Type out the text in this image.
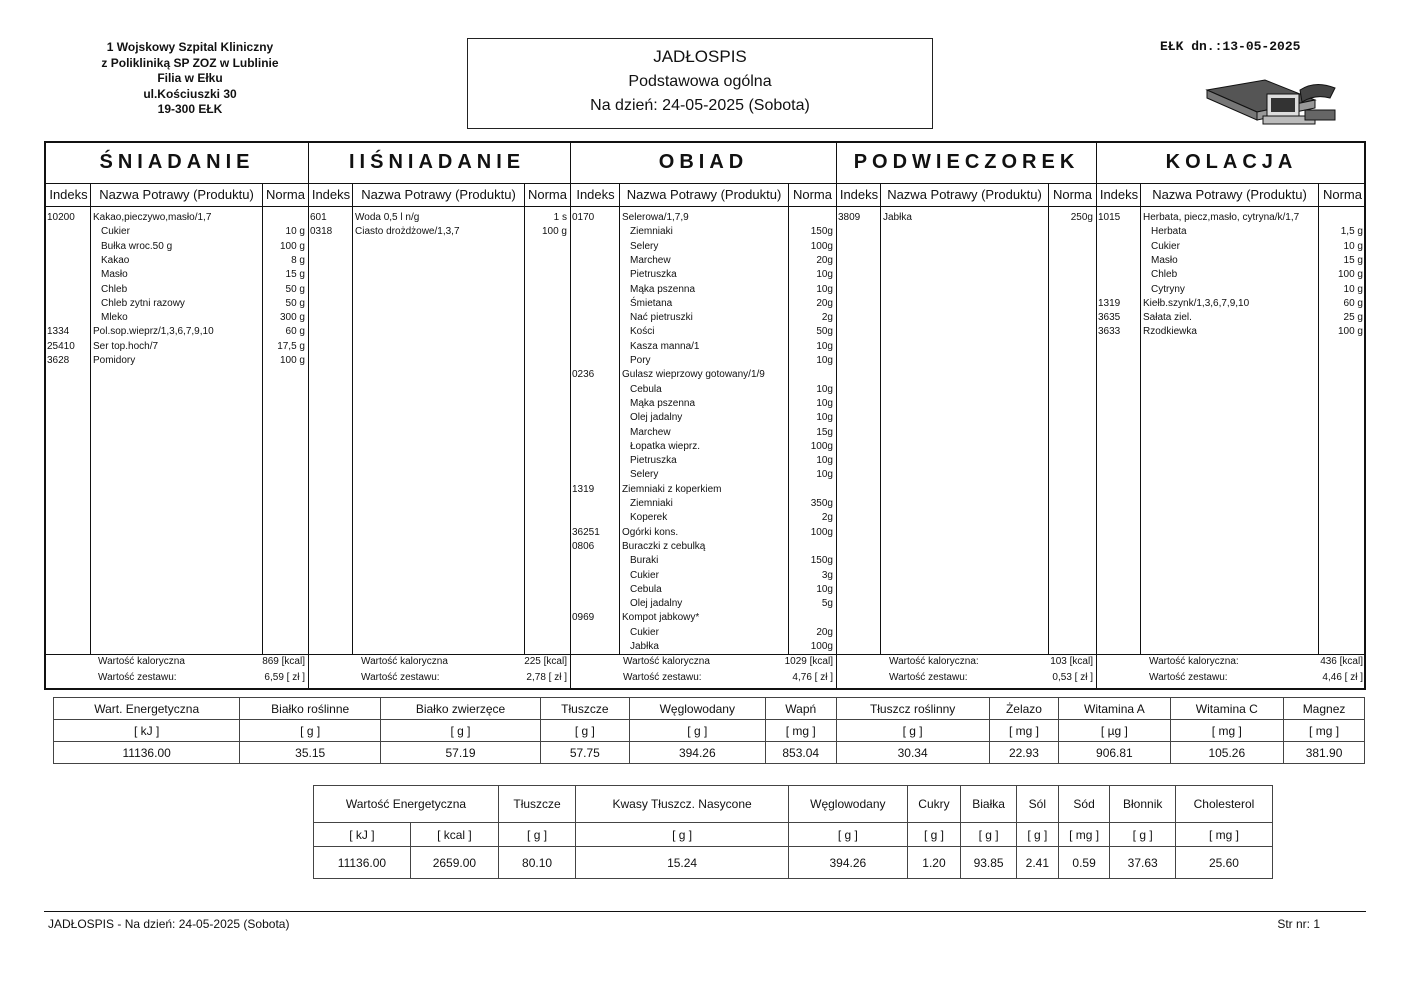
1 Wojskowy Szpital Kliniczny
z Polikliniką SP ZOZ w Lublinie
Filia w Ełku
ul.Kościuszki 30
19-300 EŁK
JADŁOSPIS
Podstawowa ogólna
Na dzień: 24-05-2025 (Sobota)
EŁK dn.:13-05-2025
ŚNIADANIE	IIŚNIADANIE	OBIAD	PODWIECZOREK	KOLACJA
Indeks Nazwa Potrawy (Produktu) Norma
10200	Kakao,pieczywo,masło/1,7
Cukier	10 g
Bułka wroc.50 g	100 g
Kakao	8 g
Masło	15 g
Chleb	50 g
Chleb zytni razowy	50 g
Mleko	300 g
1334	Pol.sop.wieprz/1,3,6,7,9,10	60 g
25410	Ser top.hoch/7	17,5 g
3628	Pomidory	100 g
Wartość kaloryczna	869 [kcal]
Wartość zestawu:	6,59 [ zł ]
Indeks Nazwa Potrawy (Produktu) Norma
601	Woda 0,5 l n/g	1 s
0318	Ciasto drożdżowe/1,3,7	100 g
Wartość kaloryczna	225 [kcal]
Wartość zestawu:	2,78 [ zł ]
Indeks Nazwa Potrawy (Produktu) Norma
0170	Selerowa/1,7,9
Ziemniaki	150g
Selery	100g
Marchew	20g
Pietruszka	10g
Mąka pszenna	10g
Śmietana	20g
Nać pietruszki	2g
Kości	50g
Kasza manna/1	10g
Pory	10g
0236	Gulasz wieprzowy gotowany/1/9
Cebula	10g
Mąka pszenna	10g
Olej jadalny	10g
Marchew	15g
Łopatka wieprz.	100g
Pietruszka	10g
Selery	10g
1319	Ziemniaki z koperkiem
Ziemniaki	350g
Koperek	2g
36251	Ogórki kons.	100g
0806	Buraczki z cebulką
Buraki	150g
Cukier	3g
Cebula	10g
Olej jadalny	5g
0969	Kompot jabkowy*
Cukier	20g
Jabłka	100g
Wartość kaloryczna	1029 [kcal]
Wartość zestawu:	4,76 [ zł ]
Indeks Nazwa Potrawy (Produktu) Norma
3809	Jabłka	250g
Wartość kaloryczna:	103 [kcal]
Wartość zestawu:	0,53 [ zł ]
Indeks	Nazwa Potrawy (Produktu)	Norma
1015	Herbata, piecz,masło, cytryna/k/1,7
Herbata	1,5 g
Cukier	10 g
Masło	15 g
Chleb	100 g
Cytryny	10 g
1319	Kiełb.szynk/1,3,6,7,9,10	60 g
3635	Sałata ziel.	25 g
3633	Rzodkiewka	100 g
Wartość kaloryczna:	436 [kcal]
Wartość zestawu:	4,46 [ zł ]
Wart. Energetyczna	Białko roślinne	Białko zwierzęce	Tłuszcze	Węglowodany	Wapń	Tłuszcz roślinny	Żelazo	Witamina A	Witamina C	Magnez
[ kJ ]	[ g ]	[ g ]	[ g ]	[ g ]	[ mg ]	[ g ]	[ mg ]	[ µg ]	[ mg ]	[ mg ]
11136.00	35.15	57.19	57.75	394.26	853.04	30.34	22.93	906.81	105.26	381.90
Wartość Energetyczna		Tłuszcze	Kwasy Tłuszcz. Nasycone	Węglowodany	Cukry	Białka	Sól	Sód	Błonnik	Cholesterol
[ kJ ]	[ kcal ]	[ g ]	[ g ]	[ g ]	[ g ]	[ g ]	[ g ]	[ mg ]	[ g ]	[ mg ]
11136.00	2659.00	80.10	15.24	394.26	1.20	93.85	2.41	0.59	37.63	25.60
JADŁOSPIS - Na dzień: 24-05-2025 (Sobota)	Str nr: 1
